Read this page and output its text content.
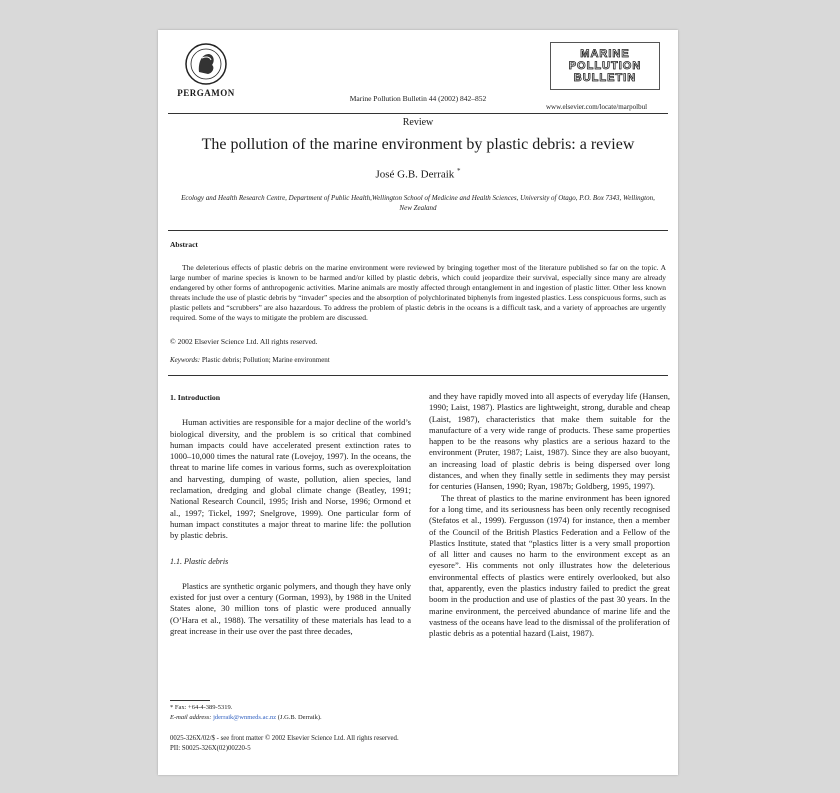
PERGAMON
Marine Pollution Bulletin 44 (2002) 842–852
MARINE
POLLUTION
BULLETIN
www.elsevier.com/locate/marpolbul
Review
The pollution of the marine environment by plastic debris: a review
José G.B. Derraik *
Ecology and Health Research Centre, Department of Public Health,Wellington School of Medicine and Health Sciences, University of Otago, P.O. Box 7343, Wellington, New Zealand
Abstract
The deleterious effects of plastic debris on the marine environment were reviewed by bringing together most of the literature published so far on the topic. A large number of marine species is known to be harmed and/or killed by plastic debris, which could jeopardize their survival, especially since many are already endangered by other forms of anthropogenic activities. Marine animals are mostly affected through entanglement in and ingestion of plastic litter. Other less known threats include the use of plastic debris by “invader” species and the absorption of polychlorinated biphenyls from ingested plastics. Less conspicuous forms, such as plastic pellets and “scrubbers” are also hazardous. To address the problem of plastic debris in the oceans is a difficult task, and a variety of approaches are urgently required. Some of the ways to mitigate the problem are discussed.
© 2002 Elsevier Science Ltd. All rights reserved.
Keywords: Plastic debris; Pollution; Marine environment
1. Introduction

Human activities are responsible for a major decline of the world’s biological diversity, and the problem is so critical that combined human impacts could have accelerated present extinction rates to 1000–10,000 times the natural rate (Lovejoy, 1997). In the oceans, the threat to marine life comes in various forms, such as overexploitation and harvesting, dumping of waste, pollution, alien species, land reclamation, dredging and global climate change (Beatley, 1991; National Research Council, 1995; Irish and Norse, 1996; Ormond et al., 1997; Tickel, 1997; Snelgrove, 1999). One particular form of human impact constitutes a major threat to marine life: the pollution by plastic debris.

1.1. Plastic debris

Plastics are synthetic organic polymers, and though they have only existed for just over a century (Gorman, 1993), by 1988 in the United States alone, 30 million tons of plastic were produced annually (O’Hara et al., 1988). The versatility of these materials has lead to a great increase in their use over the past three decades,

and they have rapidly moved into all aspects of everyday life (Hansen, 1990; Laist, 1987). Plastics are lightweight, strong, durable and cheap (Laist, 1987), characteristics that make them suitable for the manufacture of a very wide range of products. These same properties happen to be the reasons why plastics are a serious hazard to the environment (Pruter, 1987; Laist, 1987). Since they are also buoyant, an increasing load of plastic debris is being dispersed over long distances, and when they finally settle in sediments they may persist for centuries (Hansen, 1990; Ryan, 1987b; Goldberg, 1995, 1997).

The threat of plastics to the marine environment has been ignored for a long time, and its seriousness has been only recently recognised (Stefatos et al., 1999). Fergusson (1974) for instance, then a member of the Council of the British Plastics Federation and a Fellow of the Plastics Institute, stated that “plastics litter is a very small proportion of all litter and causes no harm to the environment except as an eyesore”. His comments not only illustrates how the deleterious environmental effects of plastics were entirely overlooked, but also that, apparently, even the plastics industry failed to predict the great boom in the production and use of plastics of the past 30 years. In the marine environment, the perceived abundance of marine life and the vastness of the oceans have lead to the dismissal of the proliferation of plastic debris as a potential hazard (Laist, 1987).

* Fax: +64-4-389-5319.
E-mail address: jderraik@wnmeds.ac.nz (J.G.B. Derraik).
0025-326X/02/$ - see front matter © 2002 Elsevier Science Ltd. All rights reserved.
PII: S0025-326X(02)00220-5
